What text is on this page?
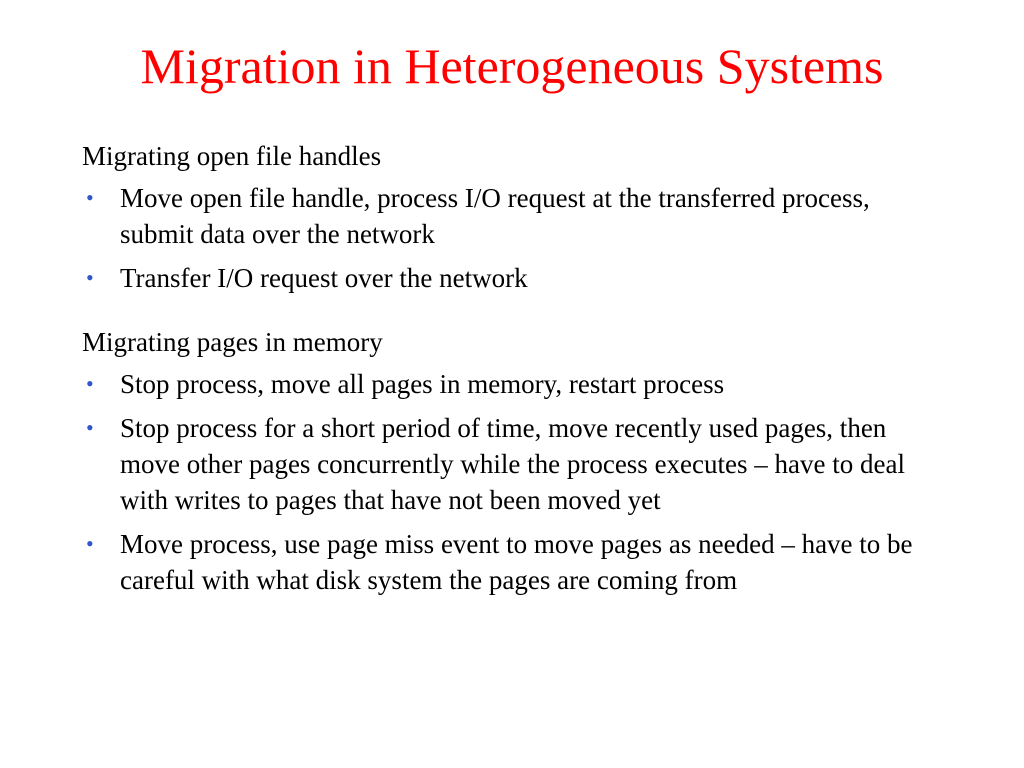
Migration in Heterogeneous Systems

Migrating open file handles

• Move open file handle, process I/O request at the transferred process, submit data over the network
• Transfer I/O request over the network

Migrating pages in memory

• Stop process, move all pages in memory, restart process
• Stop process for a short period of time, move recently used pages, then move other pages concurrently while the process executes – have to deal with writes to pages that have not been moved yet
• Move process, use page miss event to move pages as needed – have to be careful with what disk system the pages are coming from
